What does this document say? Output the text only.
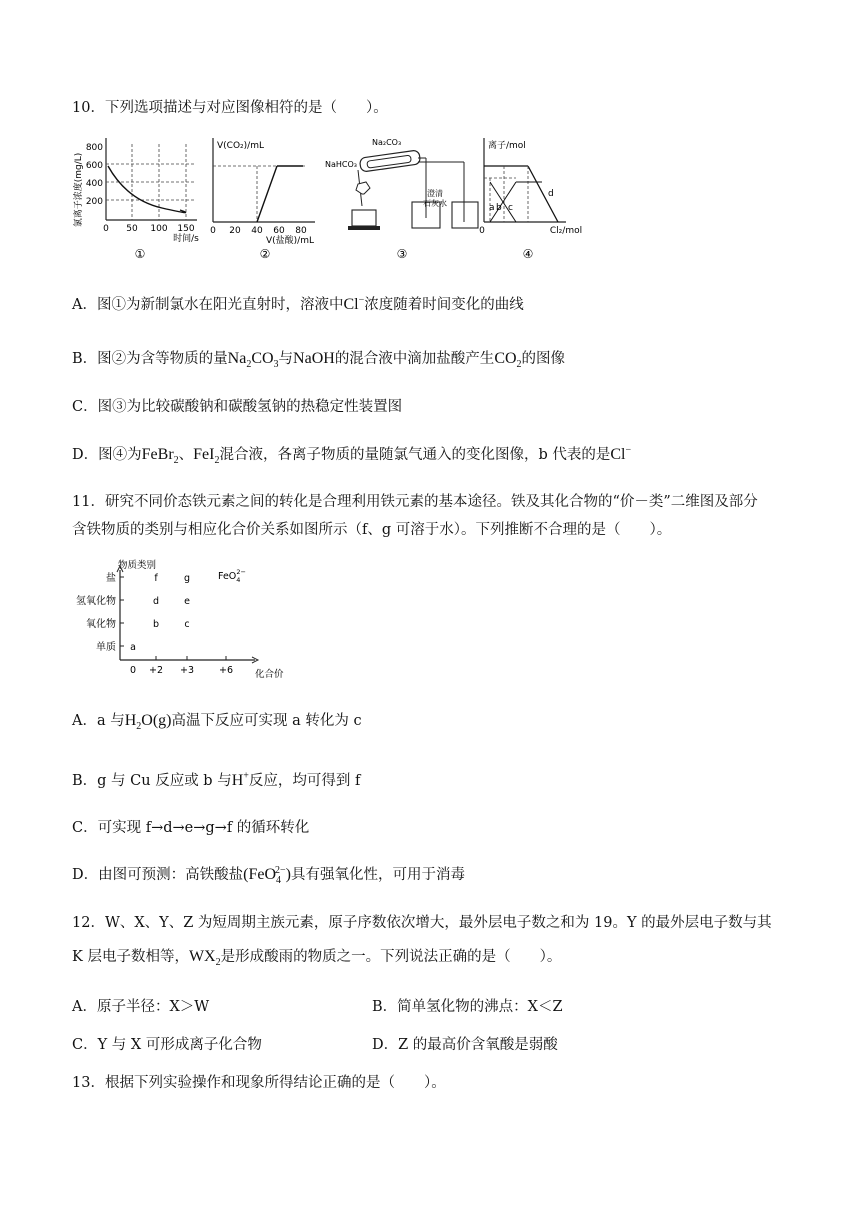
10．下列选项描述与对应图像相符的是（　　）。
氯离子浓度(mg/L)
800
600
400
200
0 50 100 150
时间/s
①
V(CO₂)/mL
0 20 40 60 80
V(盐酸)/mL
②
Na₂CO₃
NaHCO₃
澄清
石灰水
③
离子/mol
a b c
d
0	Cl₂/mol
④
A．图①为新制氯水在阳光直射时，溶液中Cl−浓度随着时间变化的曲线
B．图②为含等物质的量$Na_2CO_3$与NaOH的混合液中滴加盐酸产生$CO_2$的图像
C．图③为比较碳酸钠和碳酸氢钠的热稳定性装置图
D．图④为FeBr$_2$、FeI$_2$混合液，各离子物质的量随氯气通入的变化图像，b 代表的是Cl−
11．研究不同价态铁元素之间的转化是合理利用铁元素的基本途径。铁及其化合物的“价－类”二维图及部分
含铁物质的类别与相应化合价关系如图所示（f、g 可溶于水）。下列推断不合理的是（　　）。
物质类别
盐
氢氧化物
氧化物
单质
0 +2 +3	+6 化合价
f	g
d	e
b	c
a
FeO$_4$2−
A．a 与$H_2O(g)$高温下反应可实现 a 转化为 c
B．g 与 Cu 反应或 b 与H+反应，均可得到 f
C．可实现 f→d→e→g→f 的循环转化
D．由图可预测：高铁酸盐(FeO$_4^{2-}$)具有强氧化性，可用于消毒
12．W、X、Y、Z 为短周期主族元素，原子序数依次增大，最外层电子数之和为 19。Y 的最外层电子数与其
K 层电子数相等，$WX_2$是形成酸雨的物质之一。下列说法正确的是（　　）。
A．原子半径：X＞W	B．简单氢化物的沸点：X＜Z
C．Y 与 X 可形成离子化合物	D．Z 的最高价含氧酸是弱酸
13．根据下列实验操作和现象所得结论正确的是（　　）。
